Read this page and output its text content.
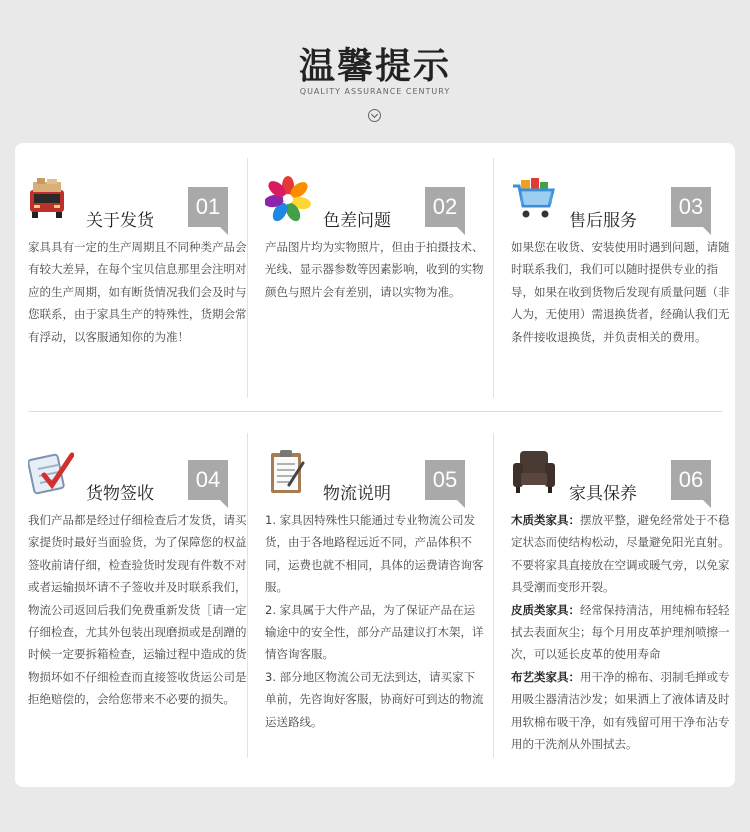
温馨提示
QUALITY ASSURANCE CENTURY
关于发货
01
家具具有一定的生产周期且不同种类产品会有较大差异，在每个宝贝信息那里会注明对应的生产周期，如有断货情况我们会及时与您联系，由于家具生产的特殊性，货期会常有浮动，以客服通知你的为准！
色差问题
02
产品图片均为实物照片，但由于拍摄技术、光线、显示器参数等因素影响，收到的实物颜色与照片会有差别，请以实物为准。
售后服务
03
如果您在收货、安装使用时遇到问题，请随时联系我们，我们可以随时提供专业的指导，如果在收到货物后发现有质量问题（非人为，无使用）需退换货者，经确认我们无条件接收退换货，并负责相关的费用。
货物签收
04
我们产品都是经过仔细检查后才发货，请买家提货时最好当面验货，为了保障您的权益签收前请仔细，检查验货时发现有件数不对或者运输损坏请不子签收并及时联系我们，物流公司返回后我们免费重新发货［请一定仔细检查，尤其外包装出现磨损或是刮蹭的时候一定要拆箱检查，运输过程中造成的货物损坏如不仔细检查而直接签收货运公司是拒绝赔偿的，会给您带来不必要的损失。
物流说明
05

1. 家具因特殊性只能通过专业物流公司发货，由于各地路程远近不同，产品体积不同，运费也就不相同，具体的运费请咨询客服。

2. 家具属于大件产品，为了保证产品在运输途中的安全性，部分产品建议打木架，详情咨询客服。

3. 部分地区物流公司无法到达，请买家下单前，先咨询好客服，协商好可到达的物流运送路线。

家具保养
06

木质类家具：摆放平整，避免经常处于不稳定状态而使结构松动，尽量避免阳光直射。不要将家具直接放在空调或暖气旁，以免家具受潮而变形开裂。

皮质类家具：经常保持清洁，用纯棉布轻轻拭去表面灰尘；每个月用皮革护理剂喷擦一次，可以延长皮革的使用寿命

布艺类家具：用干净的棉布、羽制毛掸或专用吸尘器清洁沙发；如果洒上了液体请及时用软棉布吸干净，如有残留可用干净布沾专用的干洗剂从外围拭去。
